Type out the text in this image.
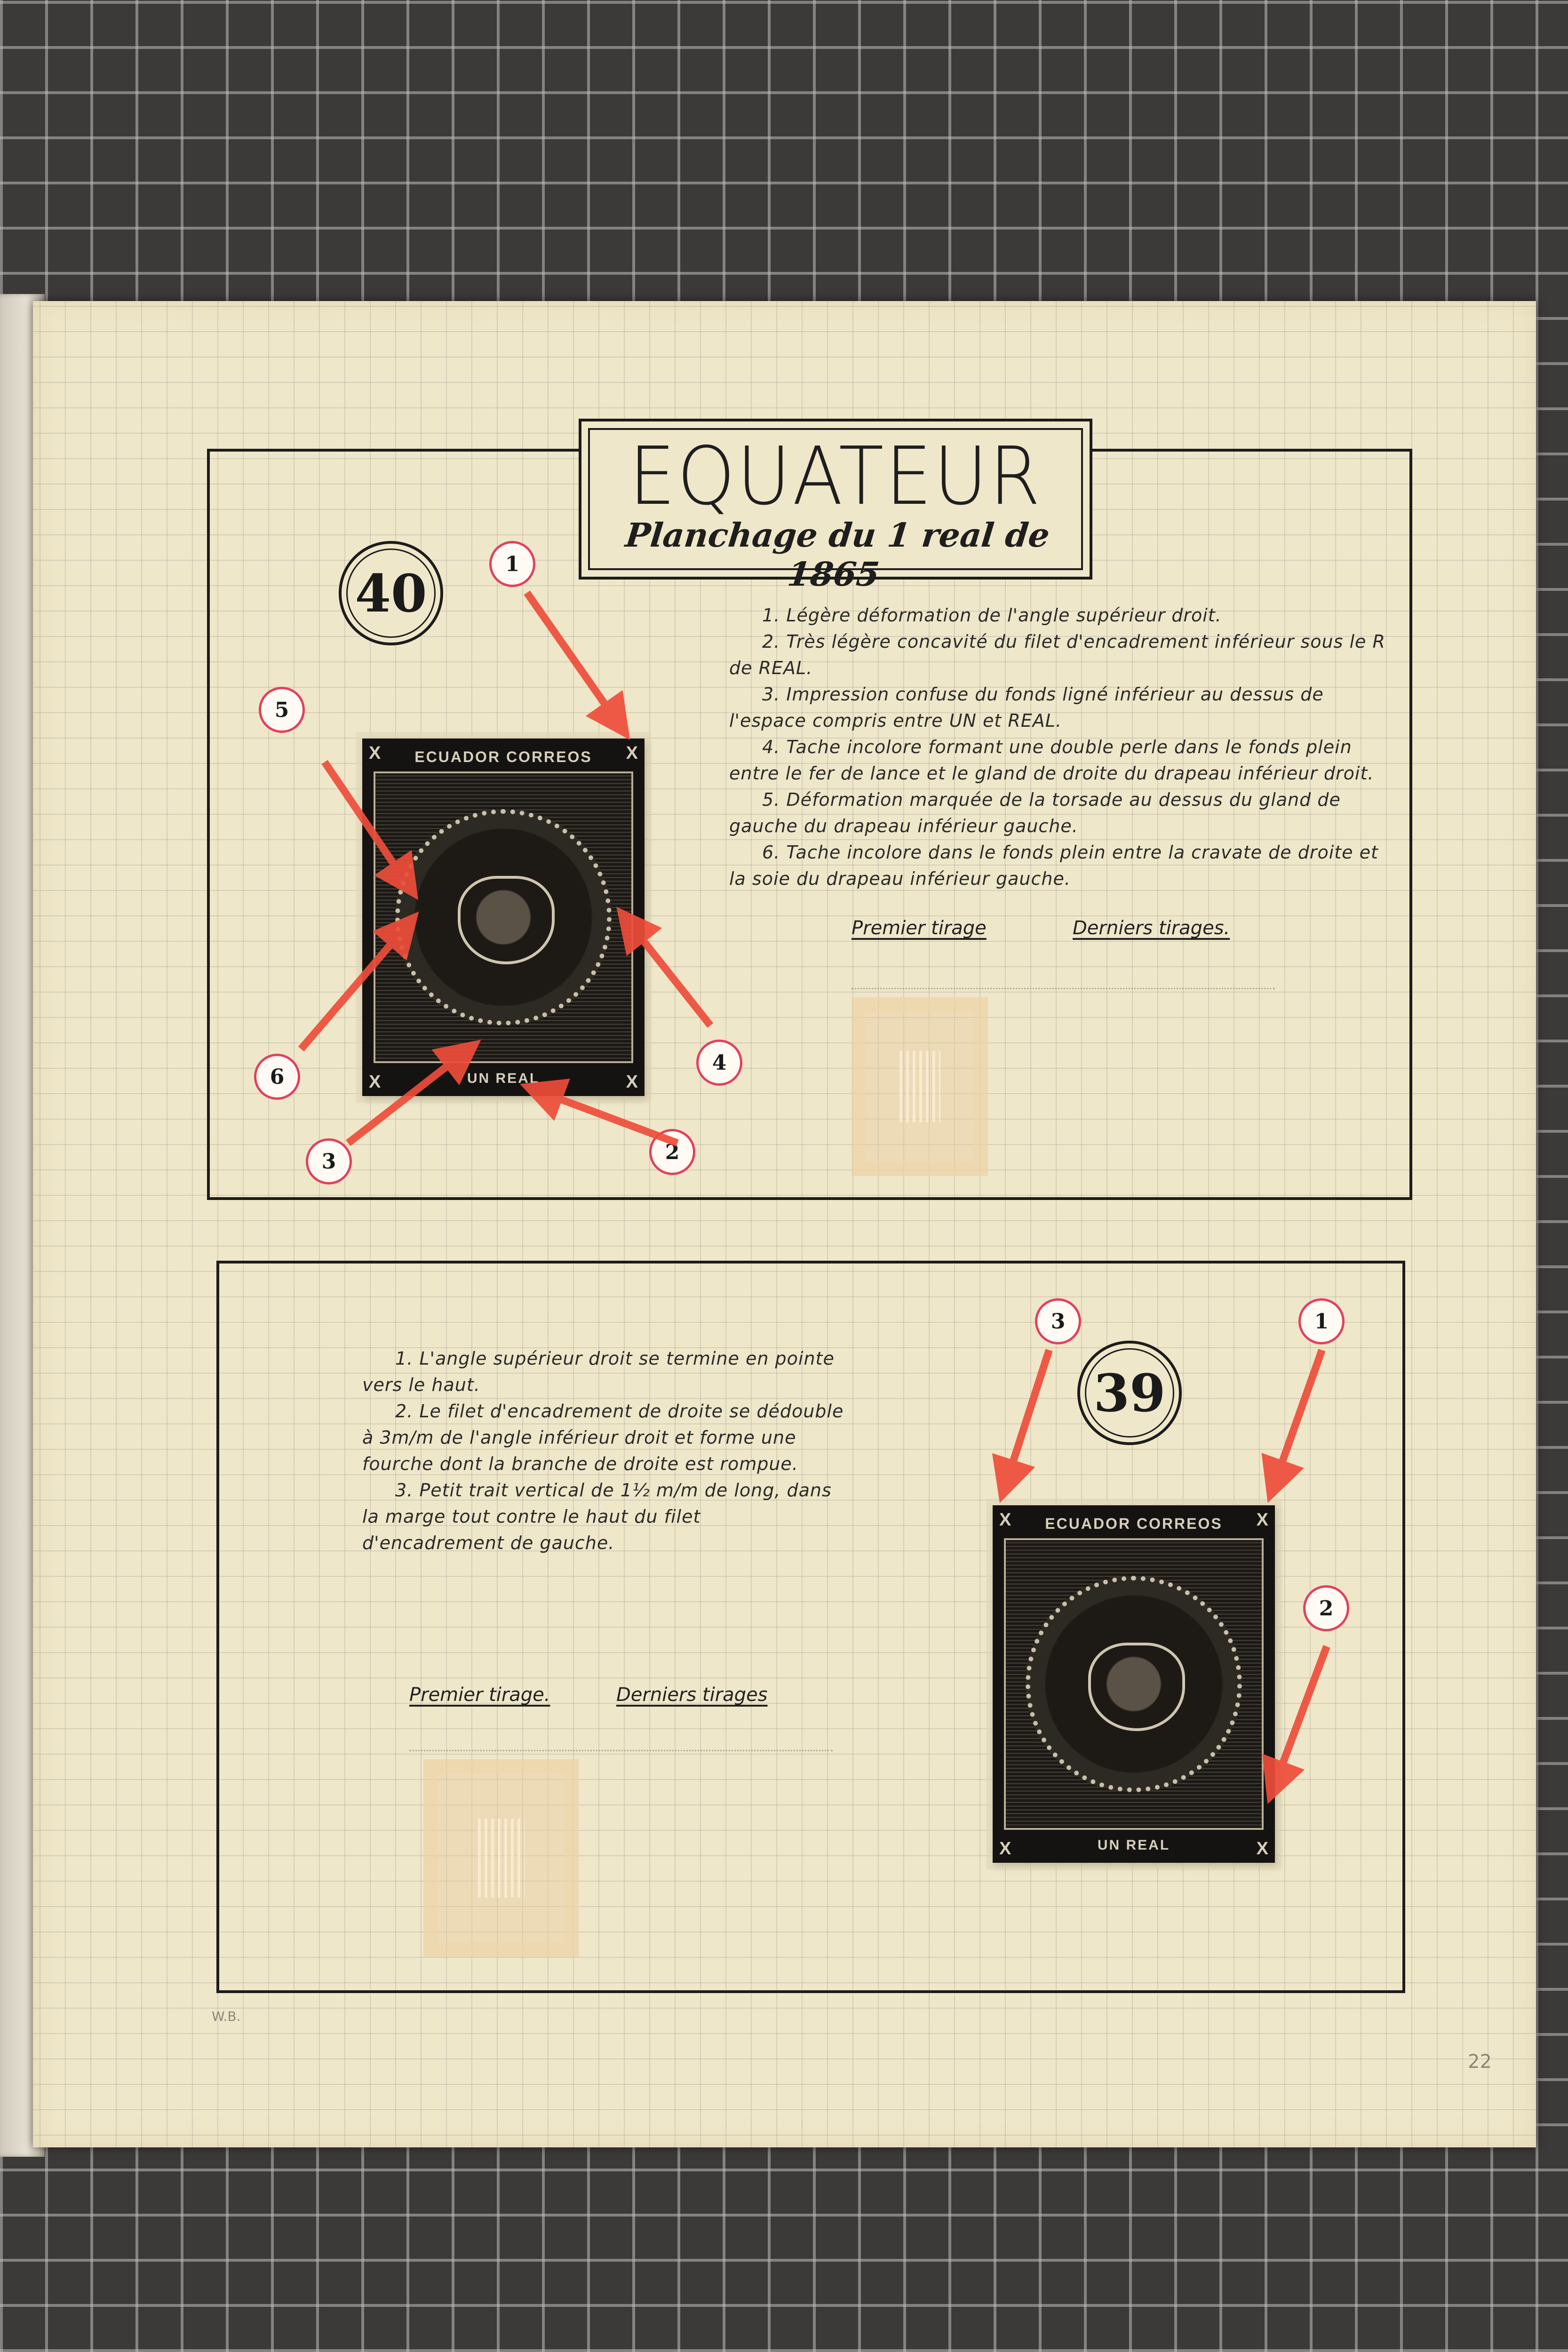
EQUATEUR
Planchage du 1 real de 1865
40	1. Légère déformation de l'angle supérieur droit.

2. Très légère concavité du filet d'encadrement inférieur sous le R de REAL.

3. Impression confuse du fonds ligné inférieur au dessus de l'espace compris entre UN et REAL.

4. Tache incolore formant une double perle dans le fonds plein entre le fer de lance et le gland de droite du drapeau inférieur droit.

5. Déformation marquée de la torsade au dessus du gland de gauche du drapeau inférieur gauche.

6. Tache incolore dans le fonds plein entre la cravate de droite et la soie du drapeau inférieur gauche.

Premier tirage	Derniers tirages.
ECUADOR CORREOS
UN REAL
X	X
X	X
1
2
3
4
5
6

1. L'angle supérieur droit se termine en pointe vers le haut.

2. Le filet d'encadrement de droite se dédouble à 3m/m de l'angle inférieur droit et forme une fourche dont la branche de droite est rompue.

3. Petit trait vertical de 1½ m/m de long, dans la marge tout contre le haut du filet d'encadrement de gauche.

Premier tirage.	Derniers tirages
39
ECUADOR CORREOS
UN REAL
X	X
X	X
3	1
2
W.B.
22
